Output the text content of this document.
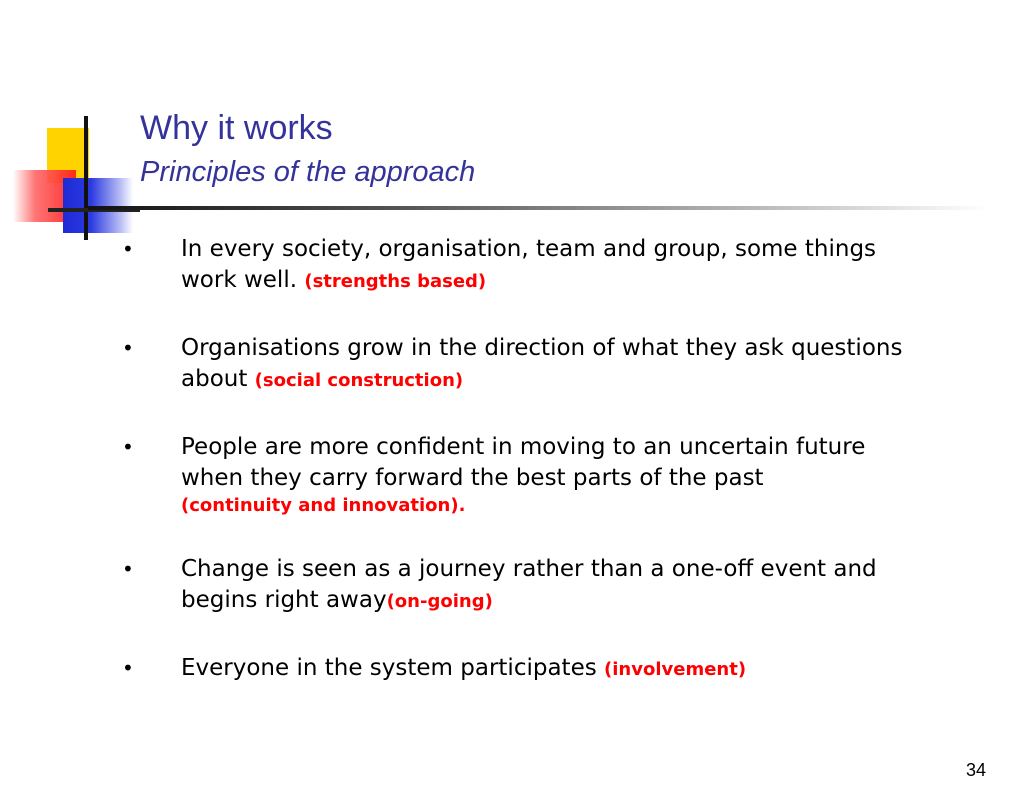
Why it works
Principles of the approach
• In every society, organisation, team and group, some things work well. (strengths based)
• Organisations grow in the direction of what they ask questions about (social construction)
• People are more confident in moving to an uncertain future when they carry forward the best parts of the past
(continuity and innovation).
• Change is seen as a journey rather than a one-off event and begins right away(on-going)
• Everyone in the system participates (involvement)
34
